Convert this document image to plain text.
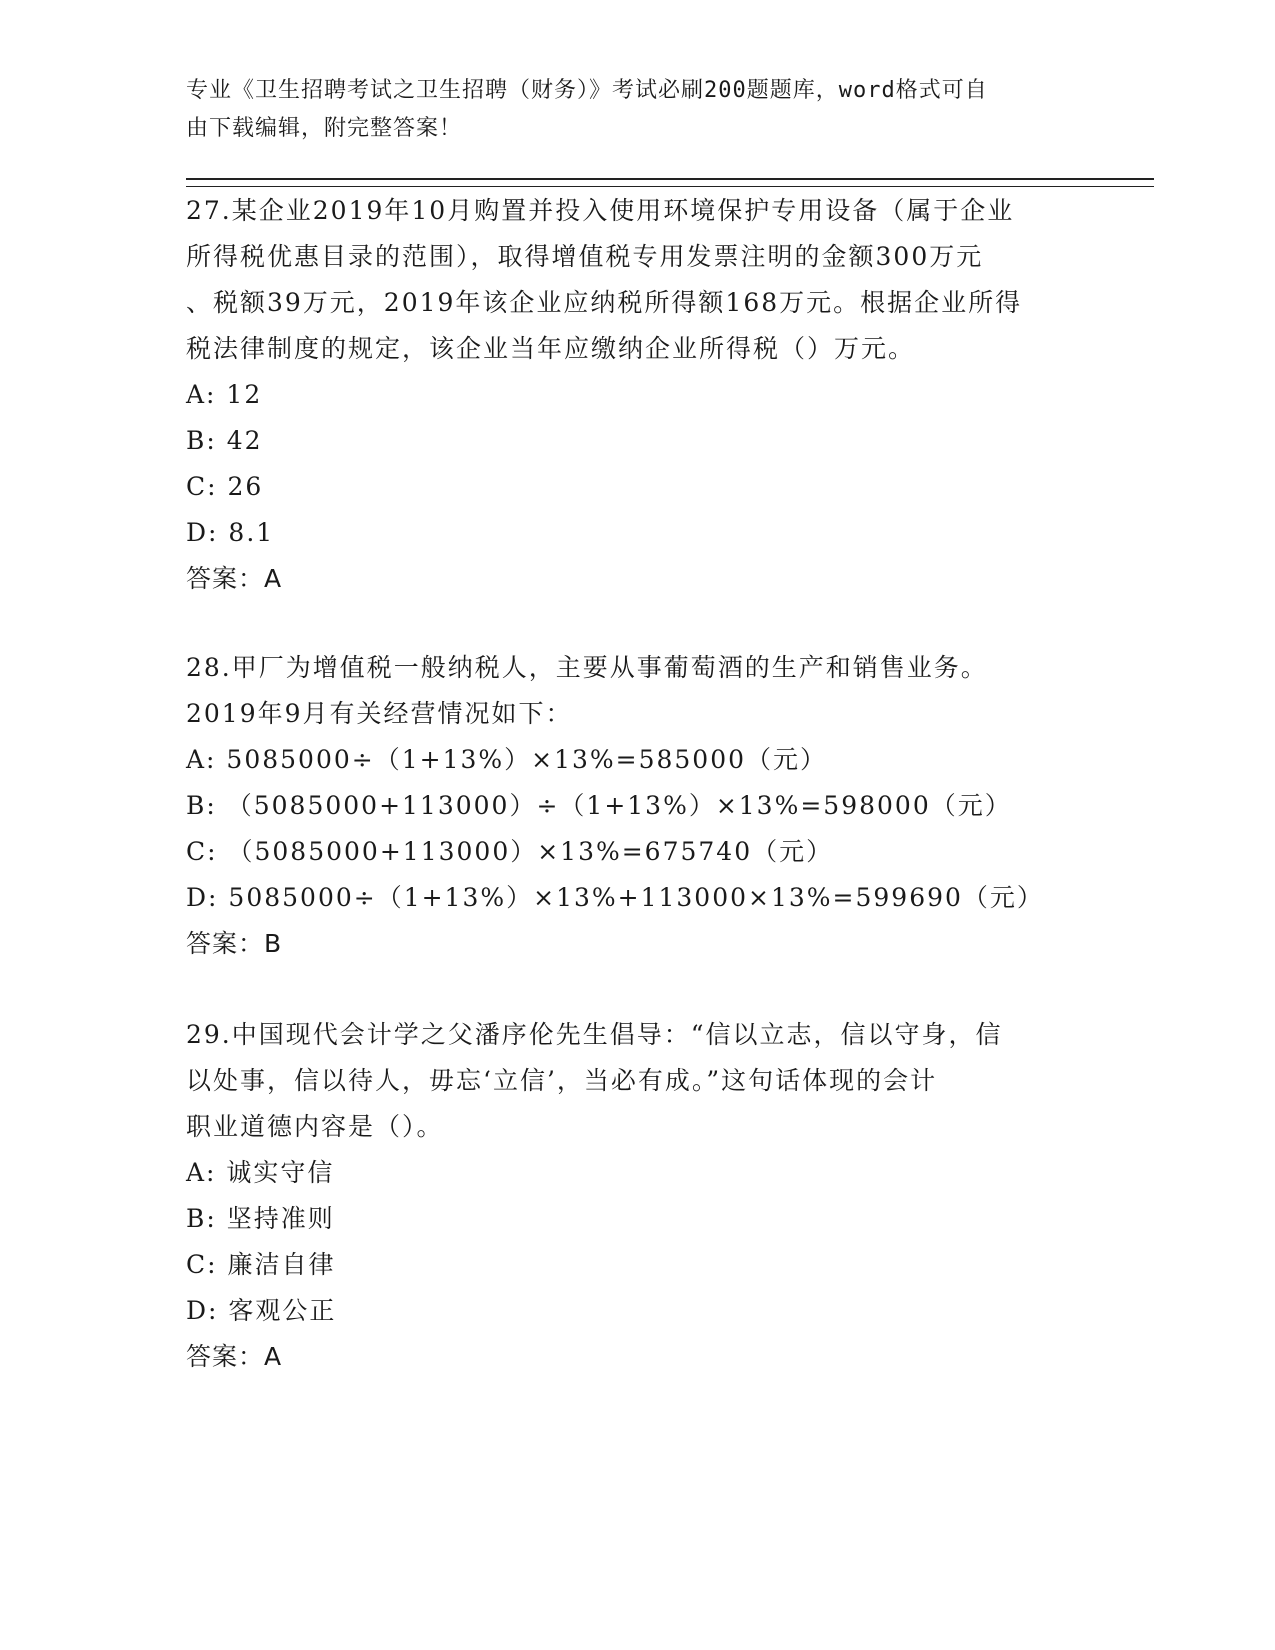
专业《卫生招聘考试之卫生招聘（财务）》考试必刷200题题库，word格式可自
由下载编辑，附完整答案！
27.某企业2019年10月购置并投入使用环境保护专用设备（属于企业
所得税优惠目录的范围），取得增值税专用发票注明的金额300万元
、税额39万元，2019年该企业应纳税所得额168万元。根据企业所得
税法律制度的规定，该企业当年应缴纳企业所得税（）万元。
A: 12
B: 42
C: 26
D: 8.1
答案：A
28.甲厂为增值税一般纳税人，主要从事葡萄酒的生产和销售业务。
2019年9月有关经营情况如下：
A: 5085000÷（1+13%）×13%=585000（元）
B: （5085000+113000）÷（1+13%）×13%=598000（元）
C: （5085000+113000）×13%=675740（元）
D: 5085000÷（1+13%）×13%+113000×13%=599690（元）
答案：B
29.中国现代会计学之父潘序伦先生倡导：“信以立志，信以守身，信
以处事，信以待人，毋忘‘立信’，当必有成。”这句话体现的会计
职业道德内容是（）。
A: 诚实守信
B: 坚持准则
C: 廉洁自律
D: 客观公正
答案：A
